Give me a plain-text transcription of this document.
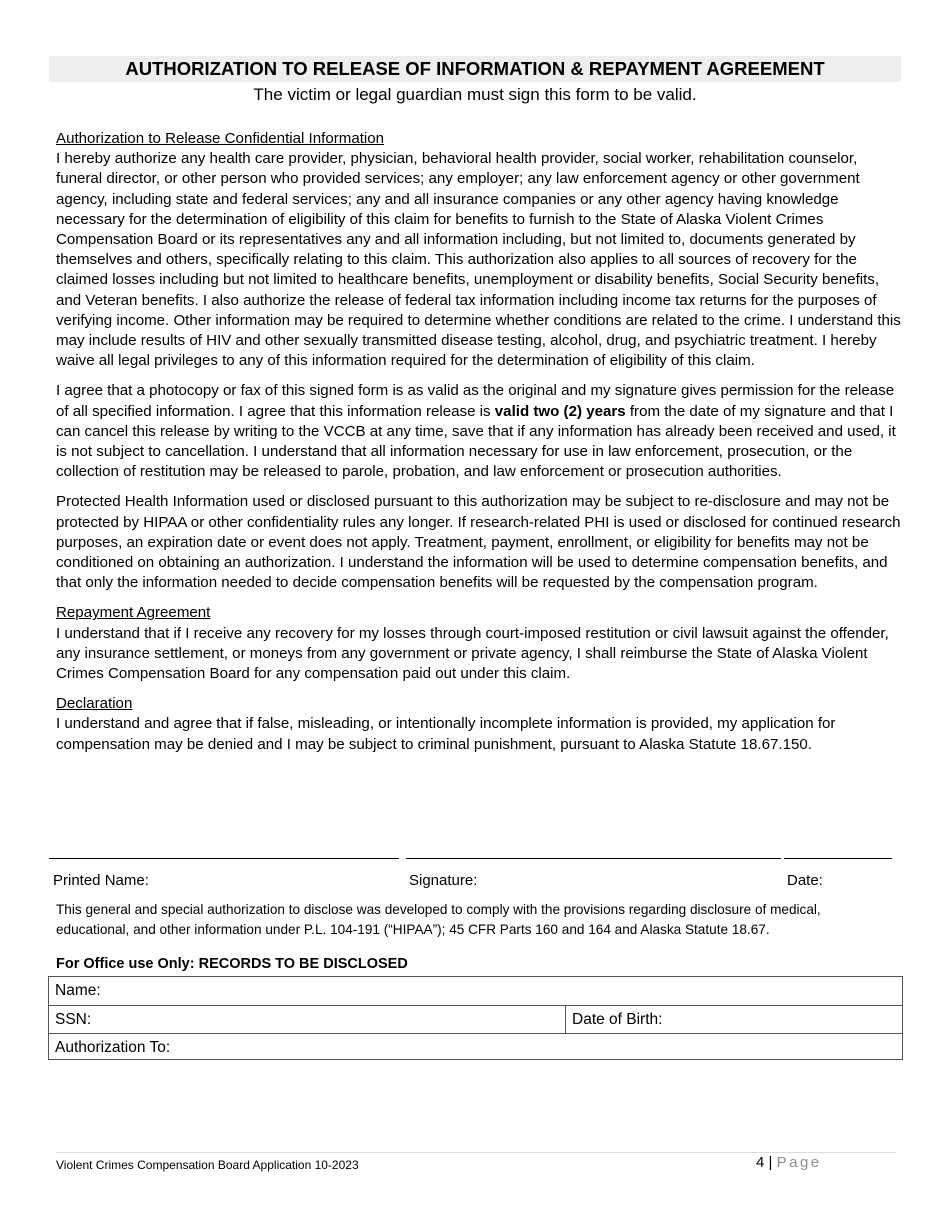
AUTHORIZATION TO RELEASE OF INFORMATION & REPAYMENT AGREEMENT
The victim or legal guardian must sign this form to be valid.
Authorization to Release Confidential Information

I hereby authorize any health care provider, physician, behavioral health provider, social worker, rehabilitation counselor, funeral director, or other person who provided services; any employer; any law enforcement agency or other government agency, including state and federal services; any and all insurance companies or any other agency having knowledge necessary for the determination of eligibility of this claim for benefits to furnish to the State of Alaska Violent Crimes Compensation Board or its representatives any and all information including, but not limited to, documents generated by themselves and others, specifically relating to this claim. This authorization also applies to all sources of recovery for the claimed losses including but not limited to healthcare benefits, unemployment or disability benefits, Social Security benefits, and Veteran benefits. I also authorize the release of federal tax information including income tax returns for the purposes of verifying income. Other information may be required to determine whether conditions are related to the crime. I understand this may include results of HIV and other sexually transmitted disease testing, alcohol, drug, and psychiatric treatment. I hereby waive all legal privileges to any of this information required for the determination of eligibility of this claim.

I agree that a photocopy or fax of this signed form is as valid as the original and my signature gives permission for the release of all specified information. I agree that this information release is valid two (2) years from the date of my signature and that I can cancel this release by writing to the VCCB at any time, save that if any information has already been received and used, it is not subject to cancellation. I understand that all information necessary for use in law enforcement, prosecution, or the collection of restitution may be released to parole, probation, and law enforcement or prosecution authorities.

Protected Health Information used or disclosed pursuant to this authorization may be subject to re-disclosure and may not be protected by HIPAA or other confidentiality rules any longer. If research-related PHI is used or disclosed for continued research purposes, an expiration date or event does not apply. Treatment, payment, enrollment, or eligibility for benefits may not be conditioned on obtaining an authorization. I understand the information will be used to determine compensation benefits, and that only the information needed to decide compensation benefits will be requested by the compensation program.

Repayment Agreement

I understand that if I receive any recovery for my losses through court-imposed restitution or civil lawsuit against the offender, any insurance settlement, or moneys from any government or private agency, I shall reimburse the State of Alaska Violent Crimes Compensation Board for any compensation paid out under this claim.

Declaration

I understand and agree that if false, misleading, or intentionally incomplete information is provided, my application for compensation may be denied and I may be subject to criminal punishment, pursuant to Alaska Statute 18.67.150.

Printed Name:	Signature:	Date:
This general and special authorization to disclose was developed to comply with the provisions regarding disclosure of medical, educational, and other information under P.L. 104-191 (“HIPAA”); 45 CFR Parts 160 and 164 and Alaska Statute 18.67.
For Office use Only: RECORDS TO BE DISCLOSED
Name:
SSN:	Date of Birth:
Authorization To:
Violent Crimes Compensation Board Application 10-2023	4 | Page
